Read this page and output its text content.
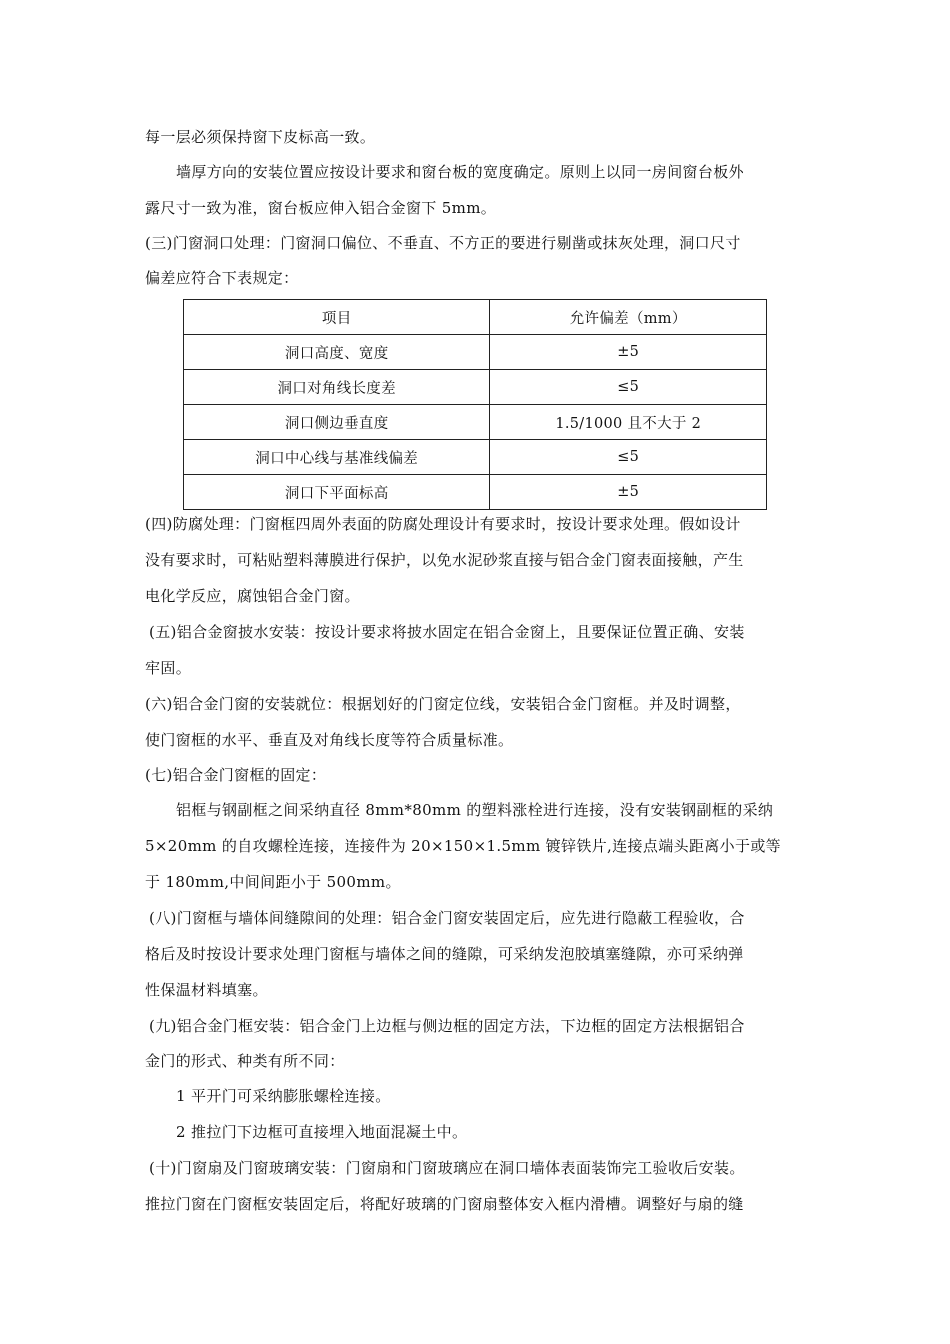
每一层必须保持窗下皮标高一致。
墙厚方向的安装位置应按设计要求和窗台板的宽度确定。原则上以同一房间窗台板外
露尺寸一致为准，窗台板应伸入铝合金窗下 5mm。
(三)门窗洞口处理：门窗洞口偏位、不垂直、不方正的要进行剔凿或抹灰处理，洞口尺寸
偏差应符合下表规定：
项目	允许偏差（mm）
洞口高度、宽度	±5
洞口对角线长度差	≤5
洞口侧边垂直度	1.5/1000 且不大于 2
洞口中心线与基准线偏差	≤5
洞口下平面标高	±5
(四)防腐处理：门窗框四周外表面的防腐处理设计有要求时，按设计要求处理。假如设计
没有要求时，可粘贴塑料薄膜进行保护，以免水泥砂浆直接与铝合金门窗表面接触，产生
电化学反应，腐蚀铝合金门窗。
(五)铝合金窗披水安装：按设计要求将披水固定在铝合金窗上，且要保证位置正确、安装
牢固。
(六)铝合金门窗的安装就位：根据划好的门窗定位线，安装铝合金门窗框。并及时调整，
使门窗框的水平、垂直及对角线长度等符合质量标准。
(七)铝合金门窗框的固定：
铝框与钢副框之间采纳直径 8mm*80mm 的塑料涨栓进行连接，没有安装钢副框的采纳
5×20mm 的自攻螺栓连接，连接件为 20×150×1.5mm 镀锌铁片,连接点端头距离小于或等
于 180mm,中间间距小于 500mm。
(八)门窗框与墙体间缝隙间的处理：铝合金门窗安装固定后，应先进行隐蔽工程验收，合
格后及时按设计要求处理门窗框与墙体之间的缝隙，可采纳发泡胶填塞缝隙，亦可采纳弹
性保温材料填塞。
(九)铝合金门框安装：铝合金门上边框与侧边框的固定方法，下边框的固定方法根据铝合
金门的形式、种类有所不同：
1 平开门可采纳膨胀螺栓连接。
2 推拉门下边框可直接埋入地面混凝土中。
(十)门窗扇及门窗玻璃安装：门窗扇和门窗玻璃应在洞口墙体表面装饰完工验收后安装。
推拉门窗在门窗框安装固定后，将配好玻璃的门窗扇整体安入框内滑槽。调整好与扇的缝
